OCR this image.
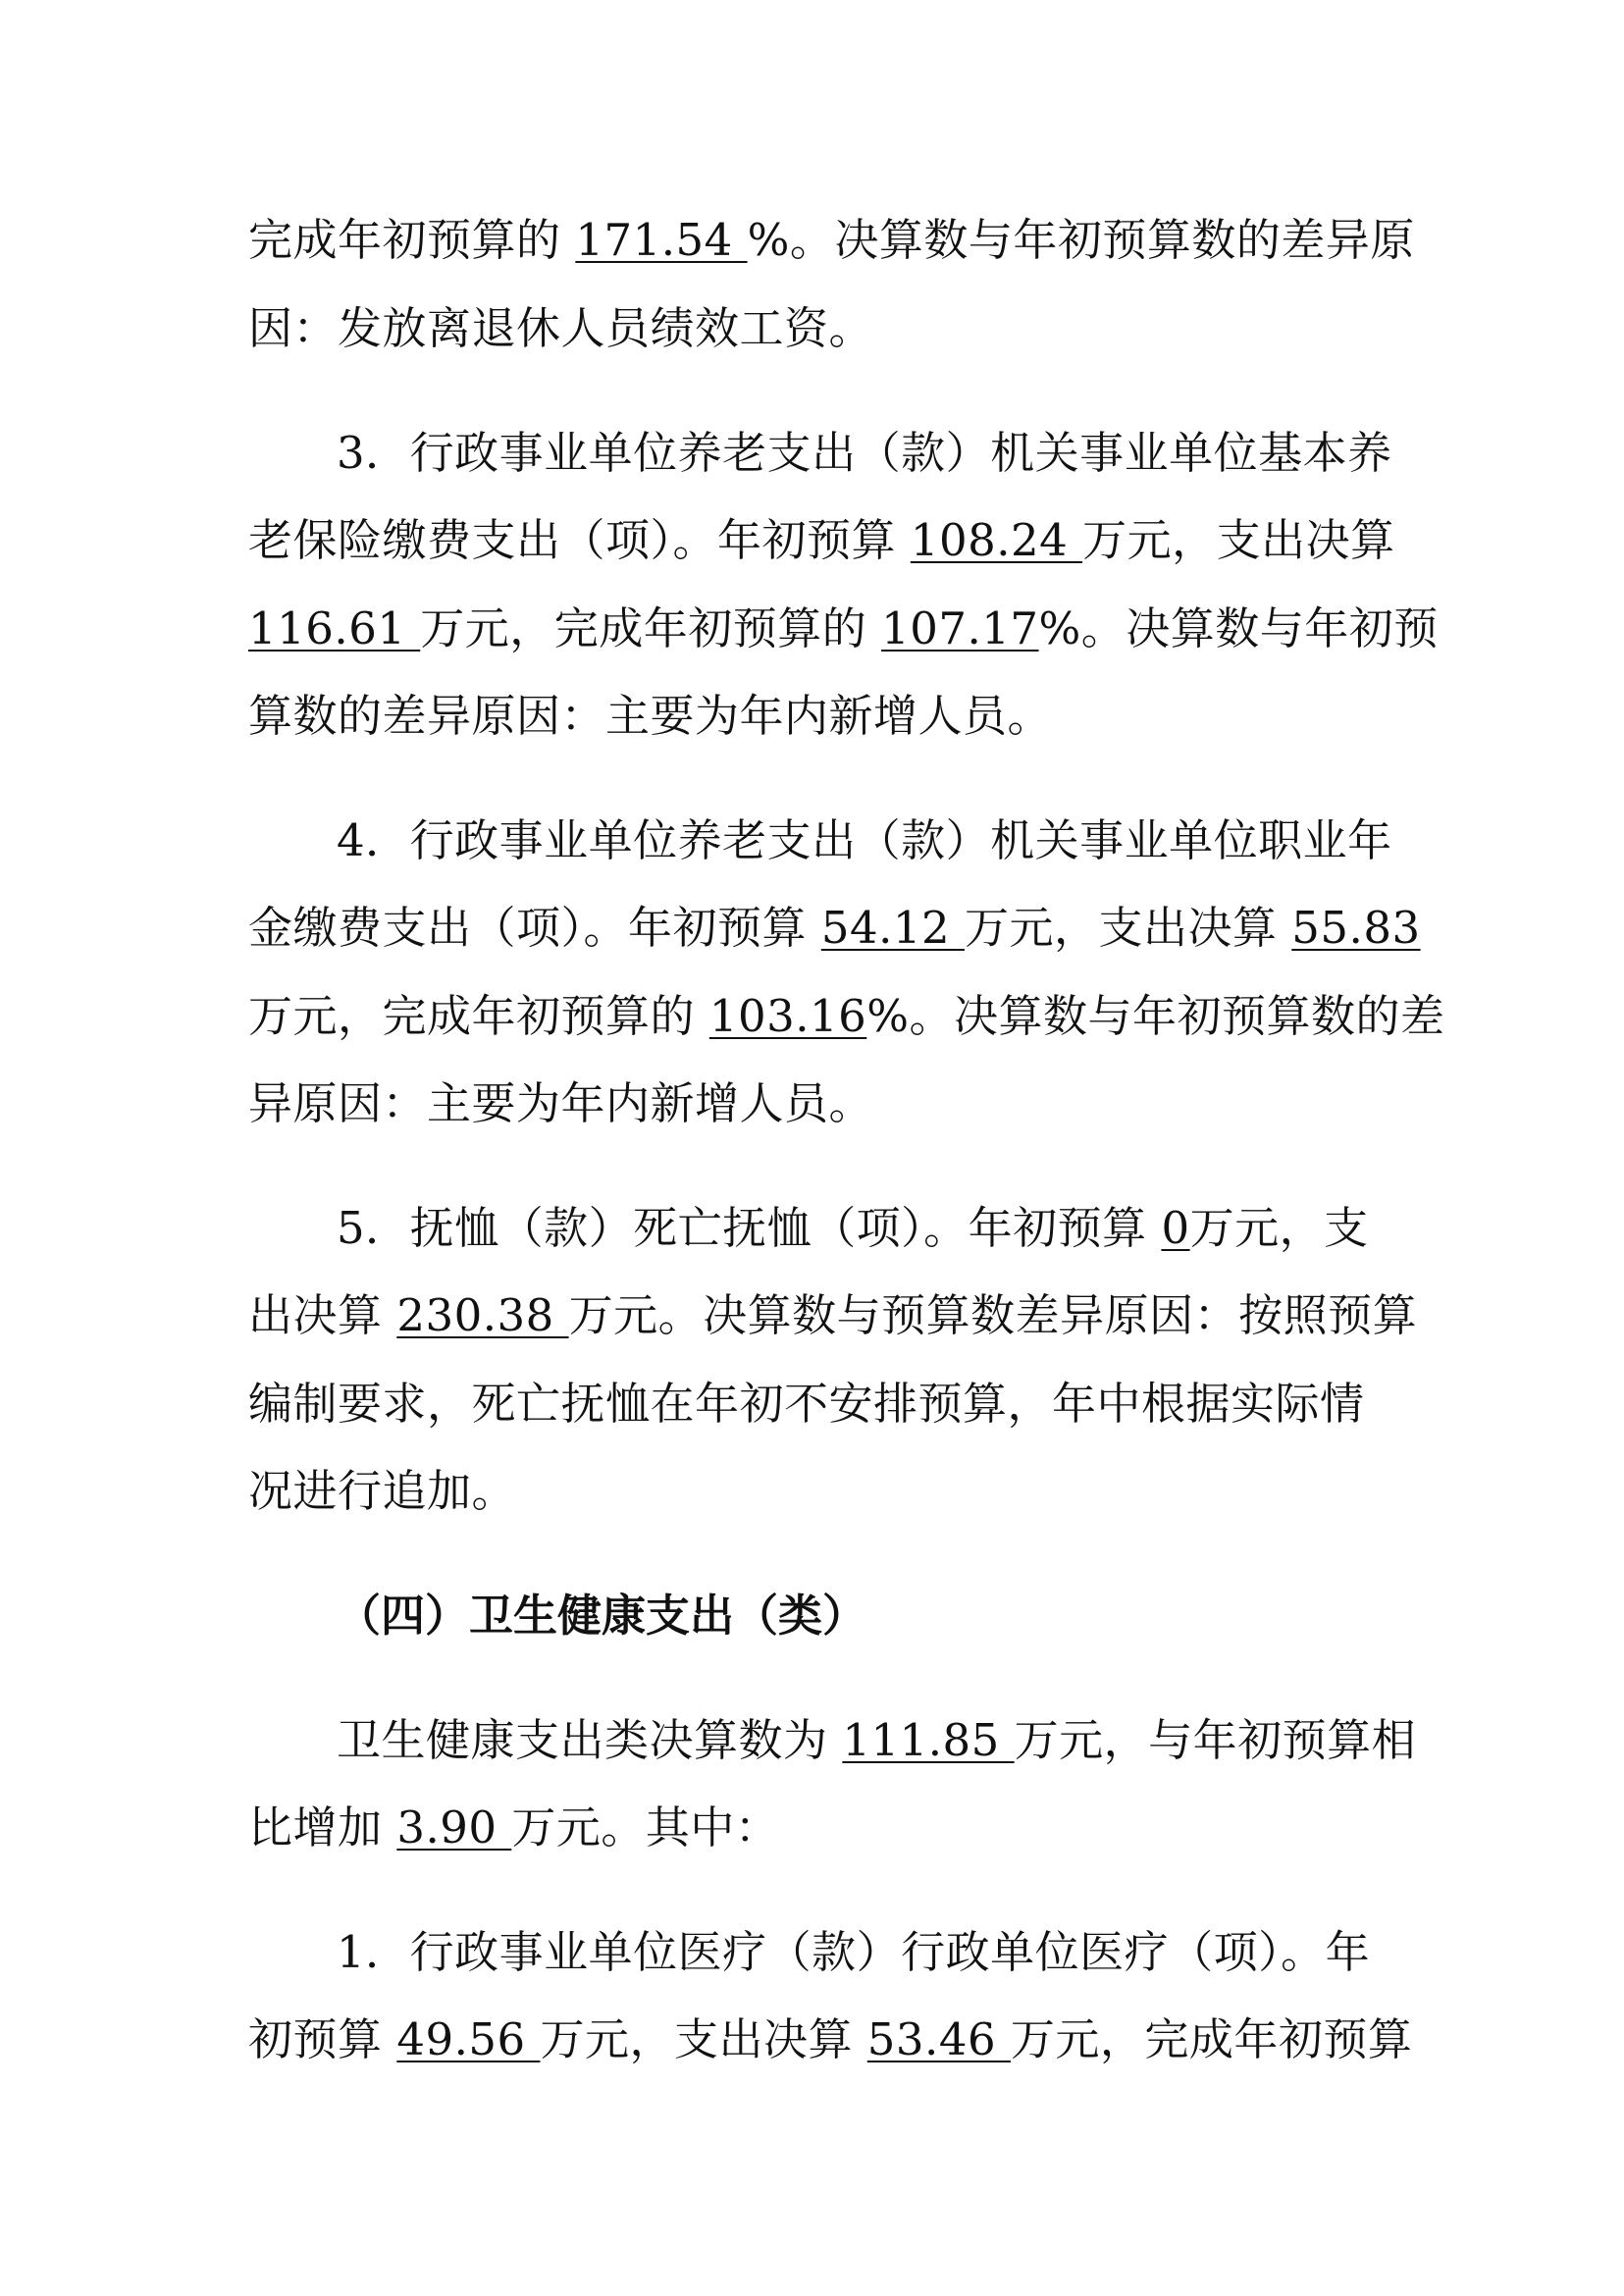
完成年初预算的 171.54 %。决算数与年初预算数的差异原
因：发放离退休人员绩效工资。
3．行政事业单位养老支出（款）机关事业单位基本养
老保险缴费支出（项）。年初预算 108.24 万元，支出决算
116.61 万元，完成年初预算的 107.17%。决算数与年初预
算数的差异原因：主要为年内新增人员。
4．行政事业单位养老支出（款）机关事业单位职业年
金缴费支出（项）。年初预算 54.12 万元，支出决算 55.83
万元，完成年初预算的 103.16%。决算数与年初预算数的差
异原因：主要为年内新增人员。
5．抚恤（款）死亡抚恤（项）。年初预算 0万元，支
出决算 230.38 万元。决算数与预算数差异原因：按照预算
编制要求，死亡抚恤在年初不安排预算，年中根据实际情
况进行追加。
（四）卫生健康支出（类）
卫生健康支出类决算数为 111.85 万元，与年初预算相
比增加 3.90 万元。其中：
1．行政事业单位医疗（款）行政单位医疗（项）。年
初预算 49.56 万元，支出决算 53.46 万元，完成年初预算
